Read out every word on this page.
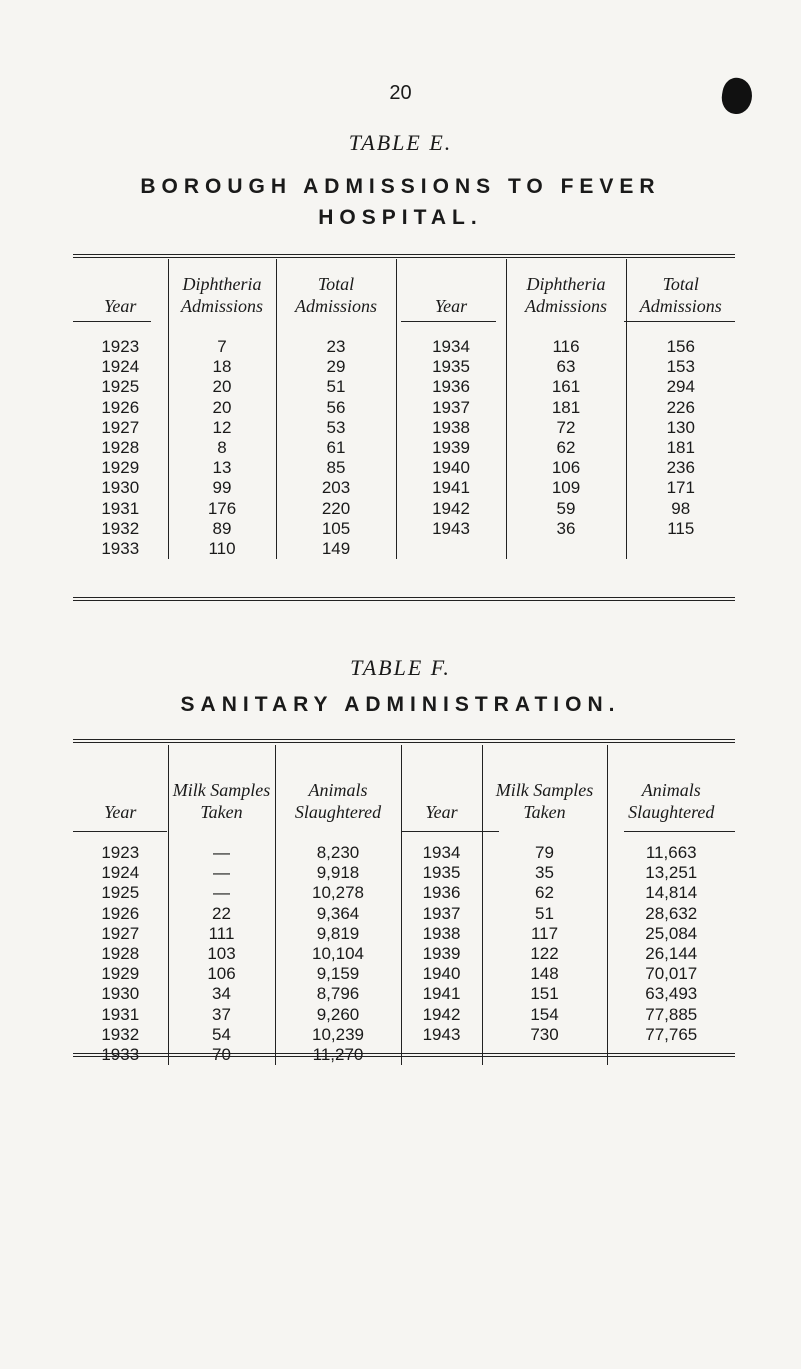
20
TABLE E.
BOROUGH ADMISSIONS TO FEVER
HOSPITAL.
Year	Diphtheria Admissions	Total Admissions	Year	Diphtheria Admissions	Total Admissions

1923	7	23	1934	116	156
1924	18	29	1935	63	153
1925	20	51	1936	161	294
1926	20	56	1937	181	226
1927	12	53	1938	72	130
1928	8	61	1939	62	181
1929	13	85	1940	106	236
1930	99	203	1941	109	171
1931	176	220	1942	59	98
1932	89	105	1943	36	115
1933	110	149			
TABLE F.
SANITARY ADMINISTRATION.
Year	Milk Samples Taken	Animals Slaughtered	Year	Milk Samples Taken	Animals Slaughtered

1923	—	8,230	1934	79	11,663
1924	—	9,918	1935	35	13,251
1925	—	10,278	1936	62	14,814
1926	22	9,364	1937	51	28,632
1927	111	9,819	1938	117	25,084
1928	103	10,104	1939	122	26,144
1929	106	9,159	1940	148	70,017
1930	34	8,796	1941	151	63,493
1931	37	9,260	1942	154	77,885
1932	54	10,239	1943	730	77,765
1933	70	11,270			
